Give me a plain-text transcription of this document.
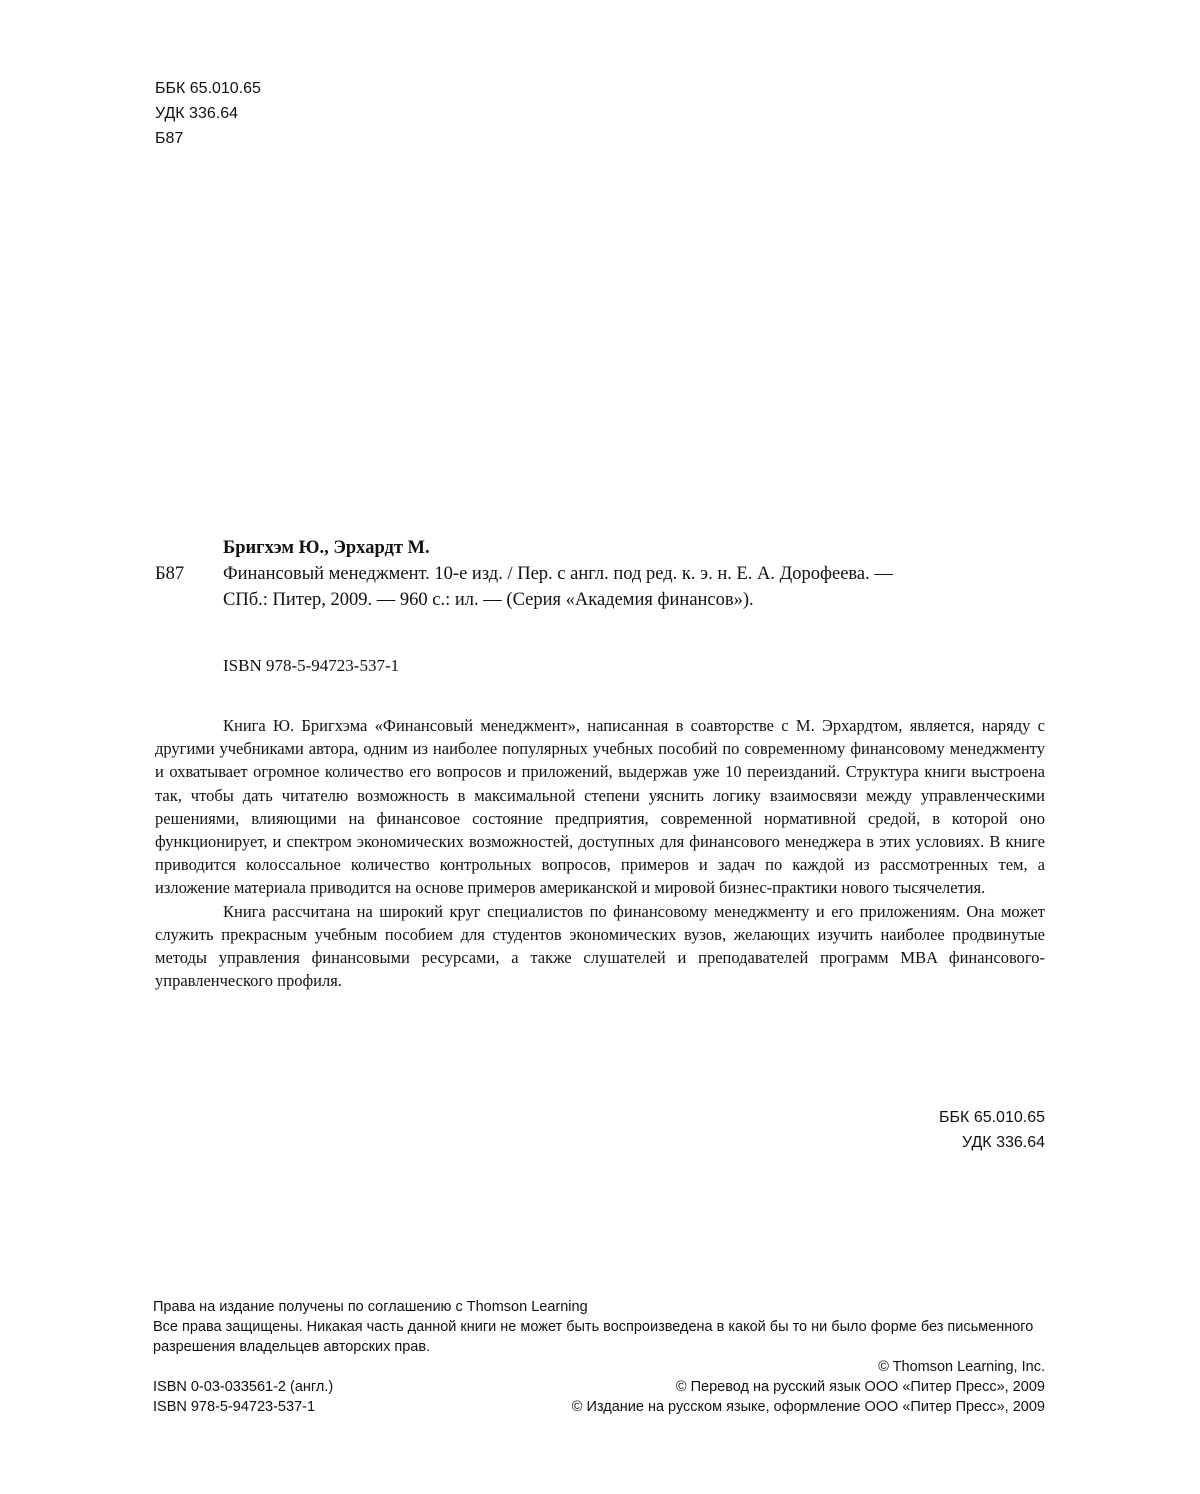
ББК 65.010.65
УДК 336.64
Б87
Бригхэм Ю., Эрхардт М.
Б87 Финансовый менеджмент. 10-е изд. / Пер. с англ. под ред. к. э. н. Е. А. Дорофеева. —
СПб.: Питер, 2009. — 960 с.: ил. — (Серия «Академия финансов»).
ISBN 978-5-94723-537-1

Книга Ю. Бригхэма «Финансовый менеджмент», написанная в соавторстве с М. Эрхардтом, является, наряду с другими учебниками автора, одним из наиболее популярных учебных пособий по современному финансовому менеджменту и охватывает огромное количество его вопросов и приложений, выдержав уже 10 переизданий. Структура книги выстроена так, чтобы дать читателю возможность в максимальной степени уяснить логику взаимосвязи между управленческими решениями, влияющими на финансовое состояние предприятия, современной нормативной средой, в которой оно функционирует, и спектром экономических возможностей, доступных для финансового менеджера в этих условиях. В книге приводится колоссальное количество контрольных вопросов, примеров и задач по каждой из рассмотренных тем, а изложение материала приводится на основе примеров американской и мировой бизнес-практики нового тысячелетия.

Книга рассчитана на широкий круг специалистов по финансовому менеджменту и его приложениям. Она может служить прекрасным учебным пособием для студентов экономических вузов, желающих изучить наиболее продвинутые методы управления финансовыми ресурсами, а также слушателей и преподавателей программ MBA финансового-управленческого профиля.

ББК 65.010.65
УДК 336.64

Права на издание получены по соглашению с Thomson Learning

Все права защищены. Никакая часть данной книги не может быть воспроизведена в какой бы то ни было форме без письменного разрешения владельцев авторских прав.

© Thomson Learning, Inc.
ISBN 0-03-033561-2 (англ.)	© Перевод на русский язык ООО «Питер Пресс», 2009
ISBN 978-5-94723-537-1	© Издание на русском языке, оформление ООО «Питер Пресс», 2009
